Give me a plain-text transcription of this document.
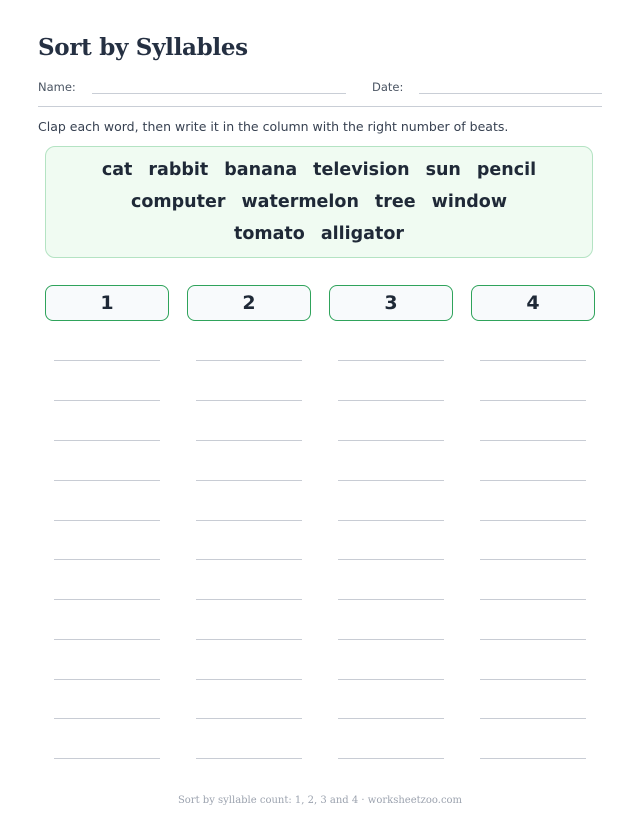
Sort by Syllables
Name:	Date:
Clap each word, then write it in the column with the right number of beats.
cat rabbit banana television sun pencil
computer watermelon tree window
tomato alligator
1	2	3	4
Sort by syllable count: 1, 2, 3 and 4 · worksheetzoo.com
